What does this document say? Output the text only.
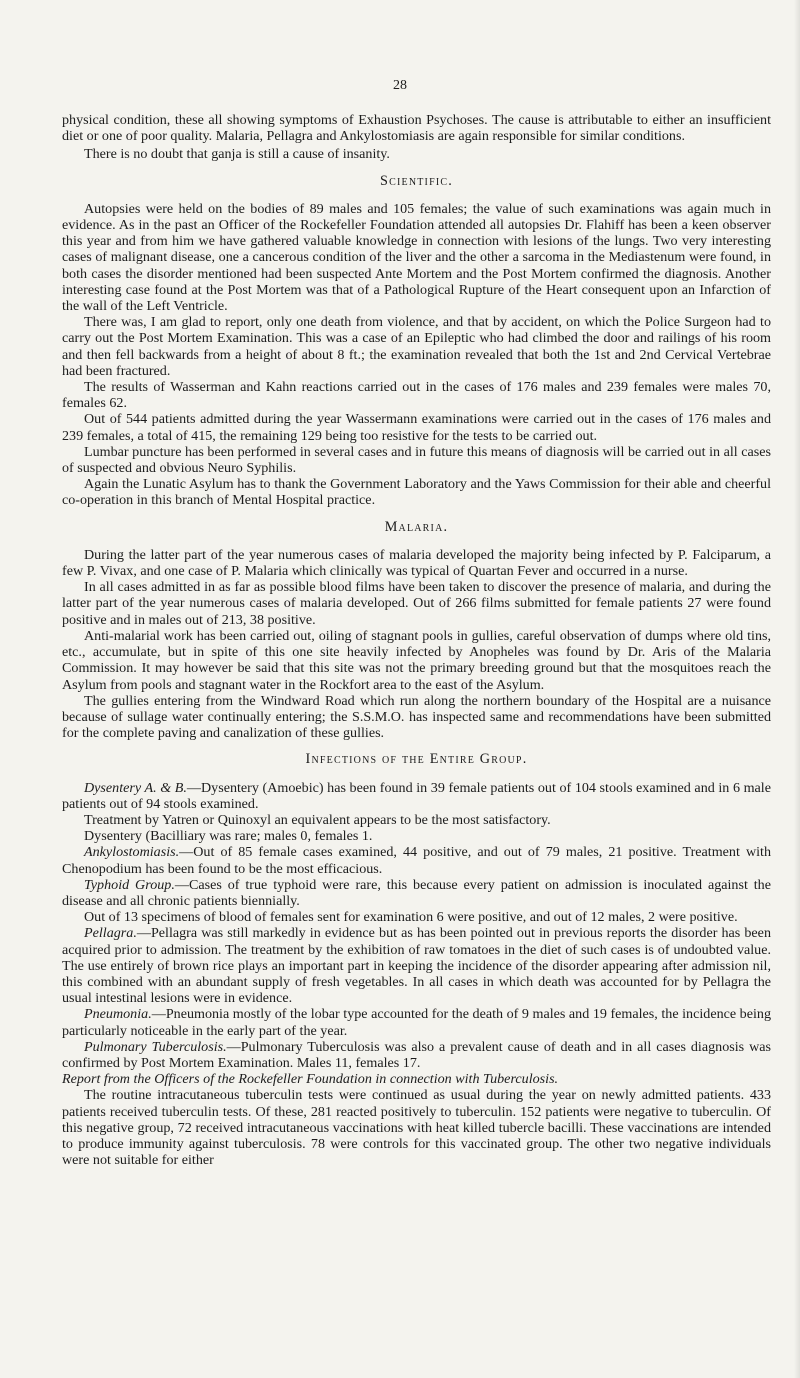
28

physical condition, these all showing symptoms of Exhaustion Psychoses. The cause is attributable to either an insufficient diet or one of poor quality. Malaria, Pellagra and Ankylostomiasis are again responsible for similar conditions.

There is no doubt that ganja is still a cause of insanity.

Scientific.

Autopsies were held on the bodies of 89 males and 105 females; the value of such examinations was again much in evidence. As in the past an Officer of the Rockefeller Foundation attended all autopsies Dr. Flahiff has been a keen observer this year and from him we have gathered valuable knowledge in connection with lesions of the lungs. Two very interesting cases of malignant disease, one a cancerous condition of the liver and the other a sarcoma in the Mediastenum were found, in both cases the disorder mentioned had been suspected Ante Mortem and the Post Mortem confirmed the diagnosis. Another interesting case found at the Post Mortem was that of a Pathological Rupture of the Heart consequent upon an Infarction of the wall of the Left Ventricle.

There was, I am glad to report, only one death from violence, and that by accident, on which the Police Surgeon had to carry out the Post Mortem Examination. This was a case of an Epileptic who had climbed the door and railings of his room and then fell backwards from a height of about 8 ft.; the examination revealed that both the 1st and 2nd Cervical Vertebrae had been fractured.

The results of Wasserman and Kahn reactions carried out in the cases of 176 males and 239 females were males 70, females 62.

Out of 544 patients admitted during the year Wassermann examinations were carried out in the cases of 176 males and 239 females, a total of 415, the remaining 129 being too resistive for the tests to be carried out.

Lumbar puncture has been performed in several cases and in future this means of diagnosis will be carried out in all cases of suspected and obvious Neuro Syphilis.

Again the Lunatic Asylum has to thank the Government Laboratory and the Yaws Commission for their able and cheerful co-operation in this branch of Mental Hospital practice.

Malaria.

During the latter part of the year numerous cases of malaria developed the majority being infected by P. Falciparum, a few P. Vivax, and one case of P. Malaria which clinically was typical of Quartan Fever and occurred in a nurse.

In all cases admitted in as far as possible blood films have been taken to discover the presence of malaria, and during the latter part of the year numerous cases of malaria developed. Out of 266 films submitted for female patients 27 were found positive and in males out of 213, 38 positive.

Anti-malarial work has been carried out, oiling of stagnant pools in gullies, careful observation of dumps where old tins, etc., accumulate, but in spite of this one site heavily infected by Anopheles was found by Dr. Aris of the Malaria Commission. It may however be said that this site was not the primary breeding ground but that the mosquitoes reach the Asylum from pools and stagnant water in the Rockfort area to the east of the Asylum.

The gullies entering from the Windward Road which run along the northern boundary of the Hospital are a nuisance because of sullage water continually entering; the S.S.M.O. has inspected same and recommendations have been submitted for the complete paving and canalization of these gullies.

Infections of the Entire Group.

Dysentery A. & B.—Dysentery (Amoebic) has been found in 39 female patients out of 104 stools examined and in 6 male patients out of 94 stools examined.

Treatment by Yatren or Quinoxyl an equivalent appears to be the most satisfactory.

Dysentery (Bacilliary was rare; males 0, females 1.

Ankylostomiasis.—Out of 85 female cases examined, 44 positive, and out of 79 males, 21 positive. Treatment with Chenopodium has been found to be the most efficacious.

Typhoid Group.—Cases of true typhoid were rare, this because every patient on admission is inoculated against the disease and all chronic patients biennially.

Out of 13 specimens of blood of females sent for examination 6 were positive, and out of 12 males, 2 were positive.

Pellagra.—Pellagra was still markedly in evidence but as has been pointed out in previous reports the disorder has been acquired prior to admission. The treatment by the exhibition of raw tomatoes in the diet of such cases is of undoubted value. The use entirely of brown rice plays an important part in keeping the incidence of the disorder appearing after admission nil, this combined with an abundant supply of fresh vegetables. In all cases in which death was accounted for by Pellagra the usual intestinal lesions were in evidence.

Pneumonia.—Pneumonia mostly of the lobar type accounted for the death of 9 males and 19 females, the incidence being particularly noticeable in the early part of the year.

Pulmonary Tuberculosis.—Pulmonary Tuberculosis was also a prevalent cause of death and in all cases diagnosis was confirmed by Post Mortem Examination. Males 11, females 17.

Report from the Officers of the Rockefeller Foundation in connection with Tuberculosis.

The routine intracutaneous tuberculin tests were continued as usual during the year on newly admitted patients. 433 patients received tuberculin tests. Of these, 281 reacted positively to tuberculin. 152 patients were negative to tuberculin. Of this negative group, 72 received intracutaneous vaccinations with heat killed tubercle bacilli. These vaccinations are intended to produce immunity against tuberculosis. 78 were controls for this vaccinated group. The other two negative individuals were not suitable for either
